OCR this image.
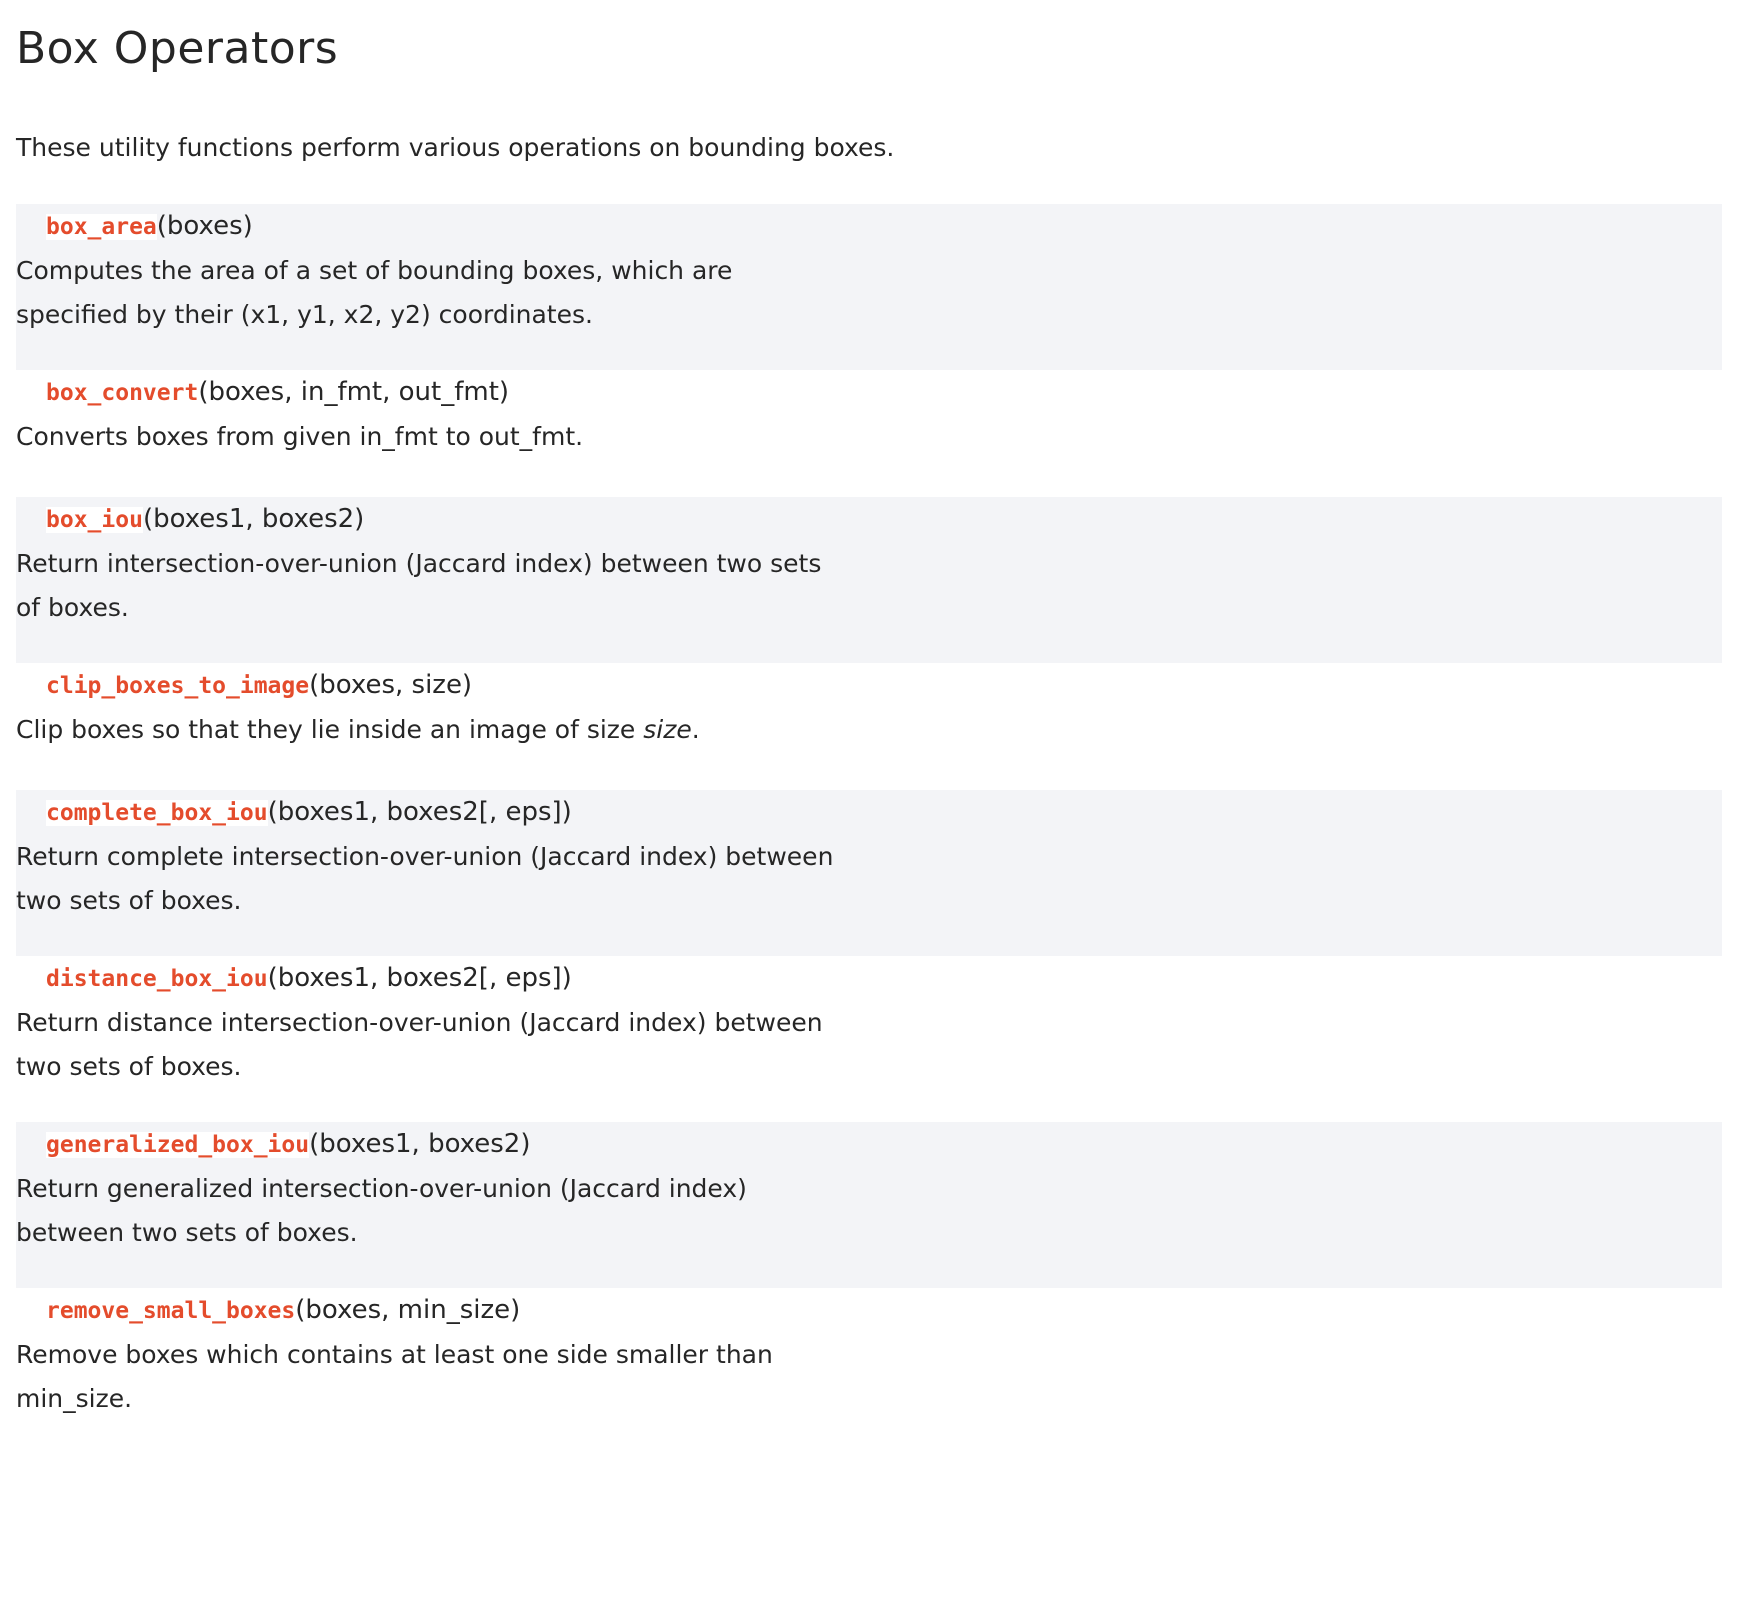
Box Operators

These utility functions perform various operations on bounding boxes.

box_area(boxes)
Computes the area of a set of bounding boxes, which are specified by their (x1, y1, x2, y2) coordinates.
box_convert(boxes, in_fmt, out_fmt)
Converts boxes from given in_fmt to out_fmt.
box_iou(boxes1, boxes2)
Return intersection-over-union (Jaccard index) between two sets of boxes.
clip_boxes_to_image(boxes, size)
Clip boxes so that they lie inside an image of size size.
complete_box_iou(boxes1, boxes2[, eps])
Return complete intersection-over-union (Jaccard index) between two sets of boxes.
distance_box_iou(boxes1, boxes2[, eps])
Return distance intersection-over-union (Jaccard index) between two sets of boxes.
generalized_box_iou(boxes1, boxes2)
Return generalized intersection-over-union (Jaccard index) between two sets of boxes.
remove_small_boxes(boxes, min_size)
Remove boxes which contains at least one side smaller than min_size.
